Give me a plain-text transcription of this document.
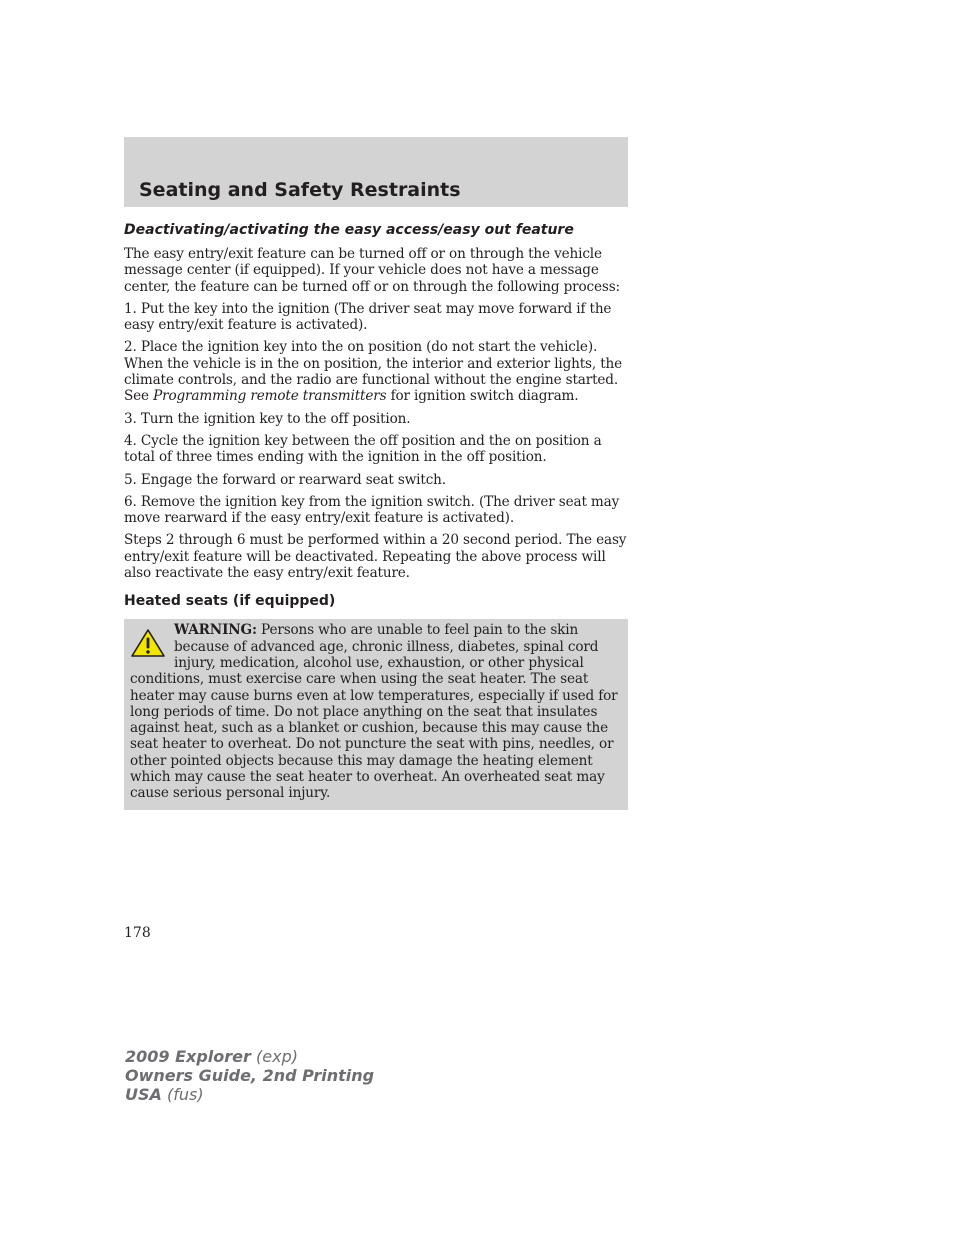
Seating and Safety Restraints
Deactivating/activating the easy access/easy out feature

The easy entry/exit feature can be turned off or on through the vehicle message center (if equipped). If your vehicle does not have a message center, the feature can be turned off or on through the following process:

1. Put the key into the ignition (The driver seat may move forward if the easy entry/exit feature is activated).

2. Place the ignition key into the on position (do not start the vehicle). When the vehicle is in the on position, the interior and exterior lights, the climate controls, and the radio are functional without the engine started. See Programming remote transmitters for ignition switch diagram.

3. Turn the ignition key to the off position.

4. Cycle the ignition key between the off position and the on position a total of three times ending with the ignition in the off position.

5. Engage the forward or rearward seat switch.

6. Remove the ignition key from the ignition switch. (The driver seat may move rearward if the easy entry/exit feature is activated).

Steps 2 through 6 must be performed within a 20 second period. The easy entry/exit feature will be deactivated. Repeating the above process will also reactivate the easy entry/exit feature.

Heated seats (if equipped)
WARNING: Persons who are unable to feel pain to the skin because of advanced age, chronic illness, diabetes, spinal cord injury, medication, alcohol use, exhaustion, or other physical conditions, must exercise care when using the seat heater. The seat heater may cause burns even at low temperatures, especially if used for long periods of time. Do not place anything on the seat that insulates against heat, such as a blanket or cushion, because this may cause the seat heater to overheat. Do not puncture the seat with pins, needles, or other pointed objects because this may damage the heating element which may cause the seat heater to overheat. An overheated seat may cause serious personal injury.
178
2009 Explorer (exp)
Owners Guide, 2nd Printing
USA (fus)
